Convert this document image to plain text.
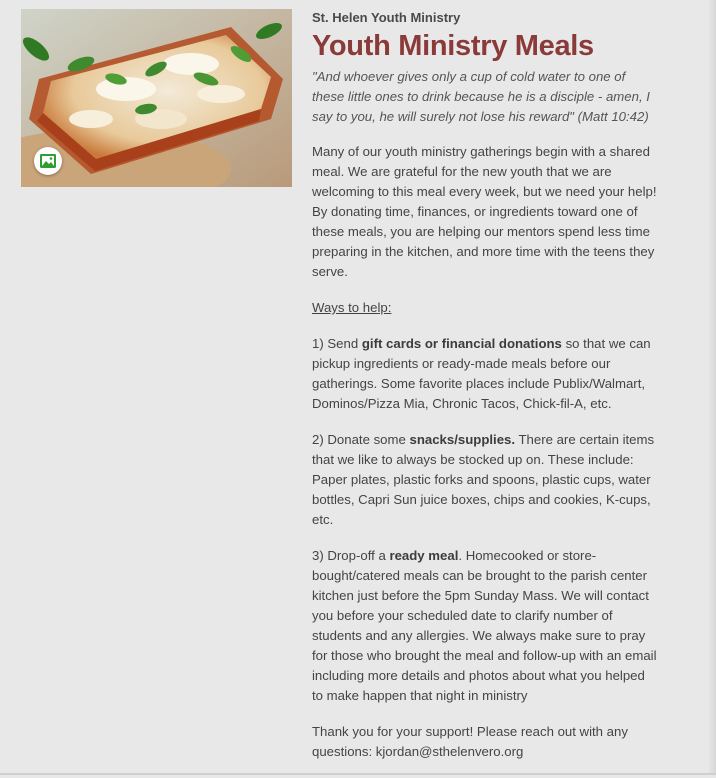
St. Helen Youth Ministry
Youth Ministry Meals

"And whoever gives only a cup of cold water to one of these little ones to drink because he is a disciple - amen, I say to you, he will surely not lose his reward" (Matt 10:42)

Many of our youth ministry gatherings begin with a shared meal. We are grateful for the new youth that we are welcoming to this meal every week, but we need your help! By donating time, finances, or ingredients toward one of these meals, you are helping our mentors spend less time preparing in the kitchen, and more time with the teens they serve.

Ways to help:

1) Send gift cards or financial donations so that we can pickup ingredients or ready-made meals before our gatherings. Some favorite places include Publix/Walmart, Dominos/Pizza Mia, Chronic Tacos, Chick-fil-A, etc.

2) Donate some snacks/supplies. There are certain items that we like to always be stocked up on. These include: Paper plates, plastic forks and spoons, plastic cups, water bottles, Capri Sun juice boxes, chips and cookies, K-cups, etc.

3) Drop-off a ready meal. Homecooked or store-bought/catered meals can be brought to the parish center kitchen just before the 5pm Sunday Mass. We will contact you before your scheduled date to clarify number of students and any allergies. We always make sure to pray for those who brought the meal and follow-up with an email including more details and photos about what you helped to make happen that night in ministry

Thank you for your support! Please reach out with any questions: kjordan@sthelenvero.org
